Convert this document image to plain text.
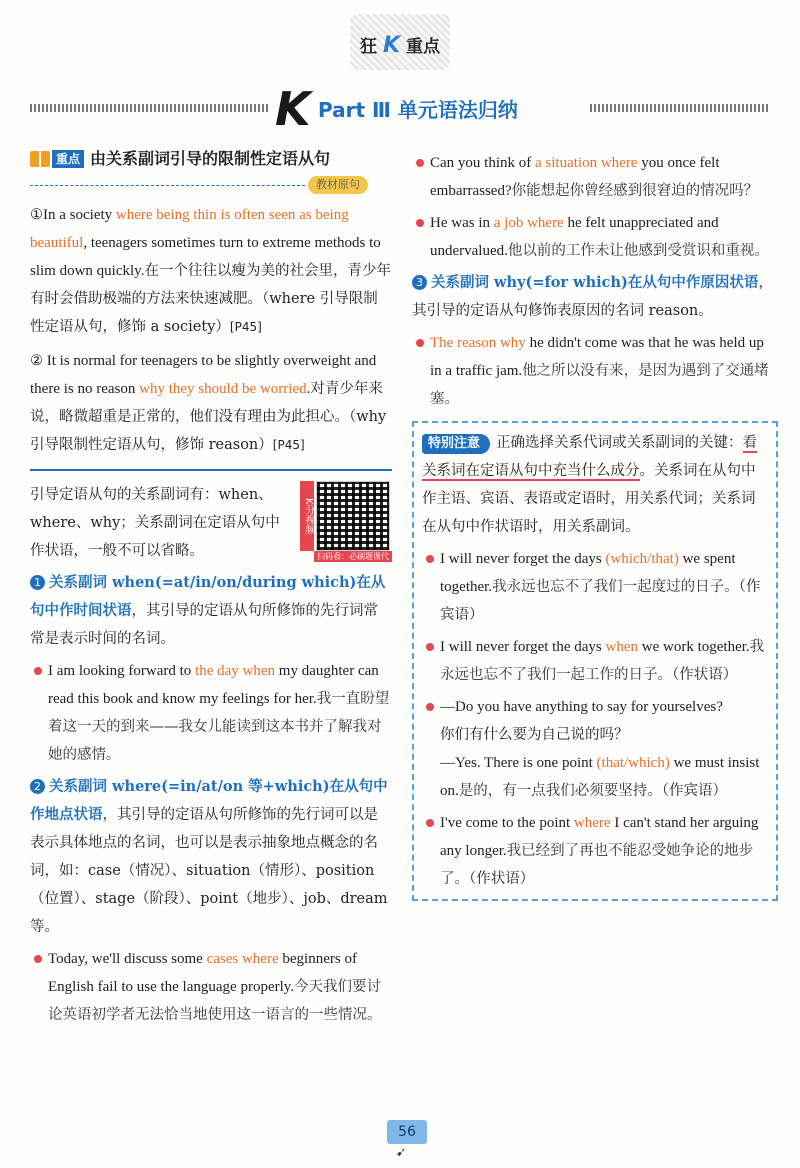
狂 K 重点
K Part Ⅲ 单元语法归纳
重点 由关系副词引导的限制性定语从句
教材原句
①In a society where being thin is often seen as being beautiful, teenagers sometimes turn to extreme methods to slim down quickly.在一个往往以瘦为美的社会里，青少年有时会借助极端的方法来快速减肥。（where 引导限制性定语从句，修饰 a society）[P45]
② It is normal for teenagers to be slightly overweight and there is no reason why they should be worried.对青少年来说，略微超重是正常的，他们没有理由为此担心。（why 引导限制性定语从句，修饰 reason）[P45]
K分视频
扫码看：必刷题课代表
引导定语从句的关系副词有：when、where、why；关系副词在定语从句中作状语，一般不可以省略。
1 关系副词 when(=at/in/on/during which)在从句中作时间状语，其引导的定语从句所修饰的先行词常常是表示时间的名词。
I am looking forward to the day when my daughter can read this book and know my feelings for her.我一直盼望着这一天的到来——我女儿能读到这本书并了解我对她的感情。
2 关系副词 where(=in/at/on 等+which)在从句中作地点状语，其引导的定语从句所修饰的先行词可以是表示具体地点的名词，也可以是表示抽象地点概念的名词，如：case（情况）、situation（情形）、position（位置）、stage（阶段）、point（地步）、job、dream 等。
Today, we'll discuss some cases where beginners of English fail to use the language properly.今天我们要讨论英语初学者无法恰当地使用这一语言的一些情况。
Can you think of a situation where you once felt embarrassed?你能想起你曾经感到很窘迫的情况吗？
He was in a job where he felt unappreciated and undervalued.他以前的工作未让他感到受赏识和重视。
3 关系副词 why(=for which)在从句中作原因状语，其引导的定语从句修饰表原因的名词 reason。
The reason why he didn't come was that he was held up in a traffic jam.他之所以没有来，是因为遇到了交通堵塞。
特别注意 正确选择关系代词或关系副词的关键：看关系词在定语从句中充当什么成分。关系词在从句中作主语、宾语、表语或定语时，用关系代词；关系词在从句中作状语时，用关系副词。
I will never forget the days (which/that) we spent together.我永远也忘不了我们一起度过的日子。（作宾语）
I will never forget the days when we work together.我永远也忘不了我们一起工作的日子。（作状语）
—Do you have anything to say for yourselves?
你们有什么要为自己说的吗？
—Yes. There is one point (that/which) we must insist on.是的，有一点我们必须要坚持。（作宾语）
I've come to the point where I can't stand her arguing any longer.我已经到了再也不能忍受她争论的地步了。（作状语）
56
➹
